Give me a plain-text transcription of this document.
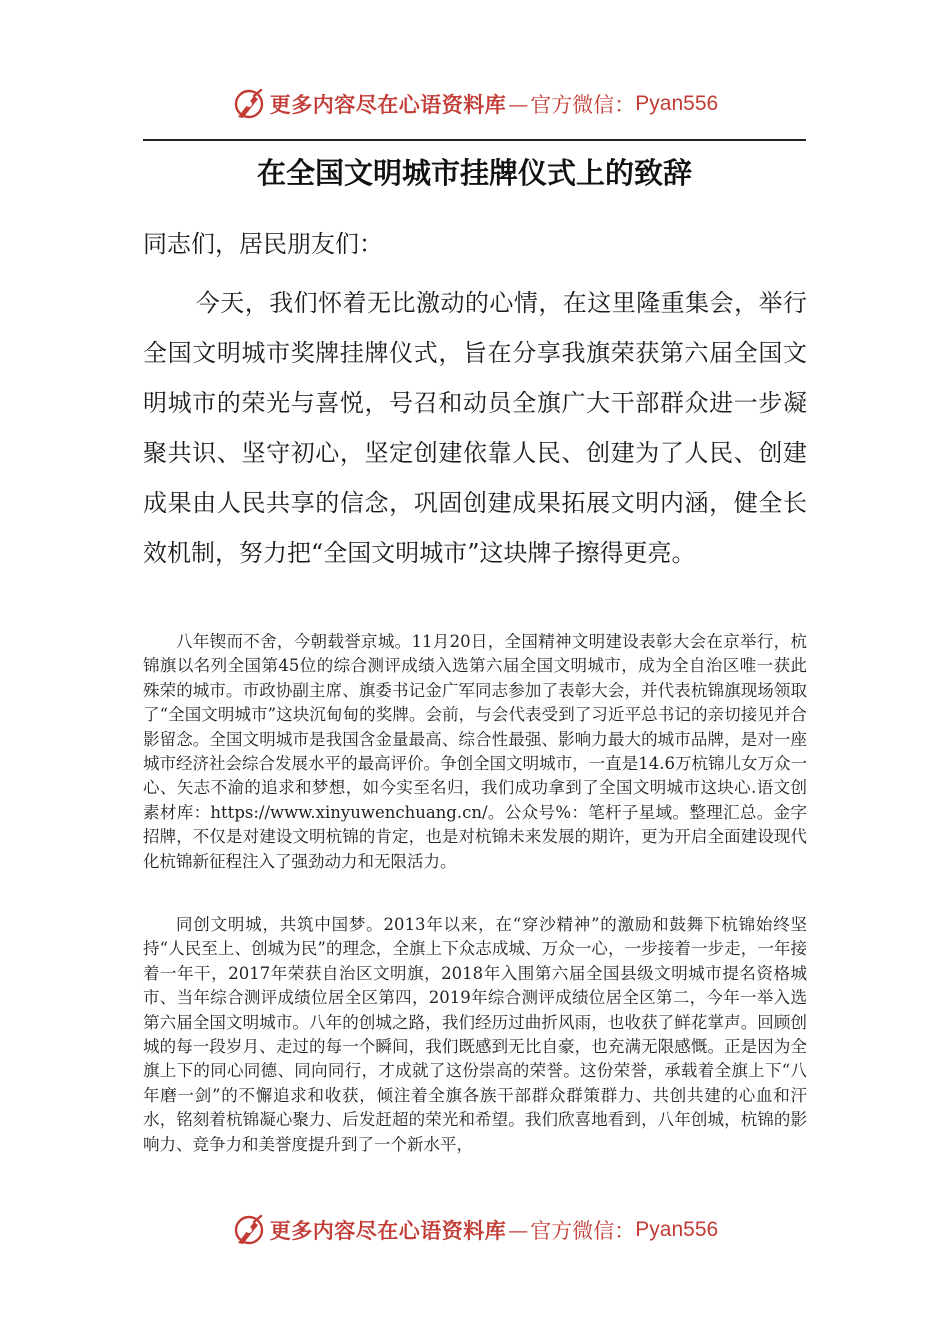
更多内容尽在心语资料库 — 官方微信： Pyan556
在全国文明城市挂牌仪式上的致辞
同志们，居民朋友们：

今天，我们怀着无比激动的心情，在这里隆重集会，举行全国文明城市奖牌挂牌仪式，旨在分享我旗荣获第六届全国文明城市的荣光与喜悦，号召和动员全旗广大干部群众进一步凝聚共识、坚守初心，坚定创建依靠人民、创建为了人民、创建成果由人民共享的信念，巩固创建成果拓展文明内涵，健全长效机制，努力把“全国文明城市”这块牌子擦得更亮。

八年锲而不舍，今朝载誉京城。11月20日，全国精神文明建设表彰大会在京举行，杭锦旗以名列全国第45位的综合测评成绩入选第六届全国文明城市，成为全自治区唯一获此殊荣的城市。市政协副主席、旗委书记金广军同志参加了表彰大会，并代表杭锦旗现场领取了“全国文明城市”这块沉甸甸的奖牌。会前，与会代表受到了习近平总书记的亲切接见并合影留念。全国文明城市是我国含金量最高、综合性最强、影响力最大的城市品牌，是对一座城市经济社会综合发展水平的最高评价。争创全国文明城市，一直是14.6万杭锦儿女万众一心、矢志不渝的追求和梦想，如今实至名归，我们成功拿到了全国文明城市这块心.语文创素材库：https://www.xinyuwenchuang.cn/。公众号%：笔杆子星域。整理汇总。金字招牌，不仅是对建设文明杭锦的肯定，也是对杭锦未来发展的期许，更为开启全面建设现代化杭锦新征程注入了强劲动力和无限活力。

同创文明城，共筑中国梦。2013年以来，在“穿沙精神”的激励和鼓舞下杭锦始终坚持“人民至上、创城为民”的理念，全旗上下众志成城、万众一心，一步接着一步走，一年接着一年干，2017年荣获自治区文明旗，2018年入围第六届全国县级文明城市提名资格城市、当年综合测评成绩位居全区第四，2019年综合测评成绩位居全区第二，今年一举入选第六届全国文明城市。八年的创城之路，我们经历过曲折风雨，也收获了鲜花掌声。回顾创城的每一段岁月、走过的每一个瞬间，我们既感到无比自豪，也充满无限感慨。正是因为全旗上下的同心同德、同向同行，才成就了这份崇高的荣誉。这份荣誉，承载着全旗上下“八年磨一剑”的不懈追求和收获，倾注着全旗各族干部群众群策群力、共创共建的心血和汗水，铭刻着杭锦凝心聚力、后发赶超的荣光和希望。我们欣喜地看到，八年创城，杭锦的影响力、竞争力和美誉度提升到了一个新水平，

更多内容尽在心语资料库 — 官方微信： Pyan556
